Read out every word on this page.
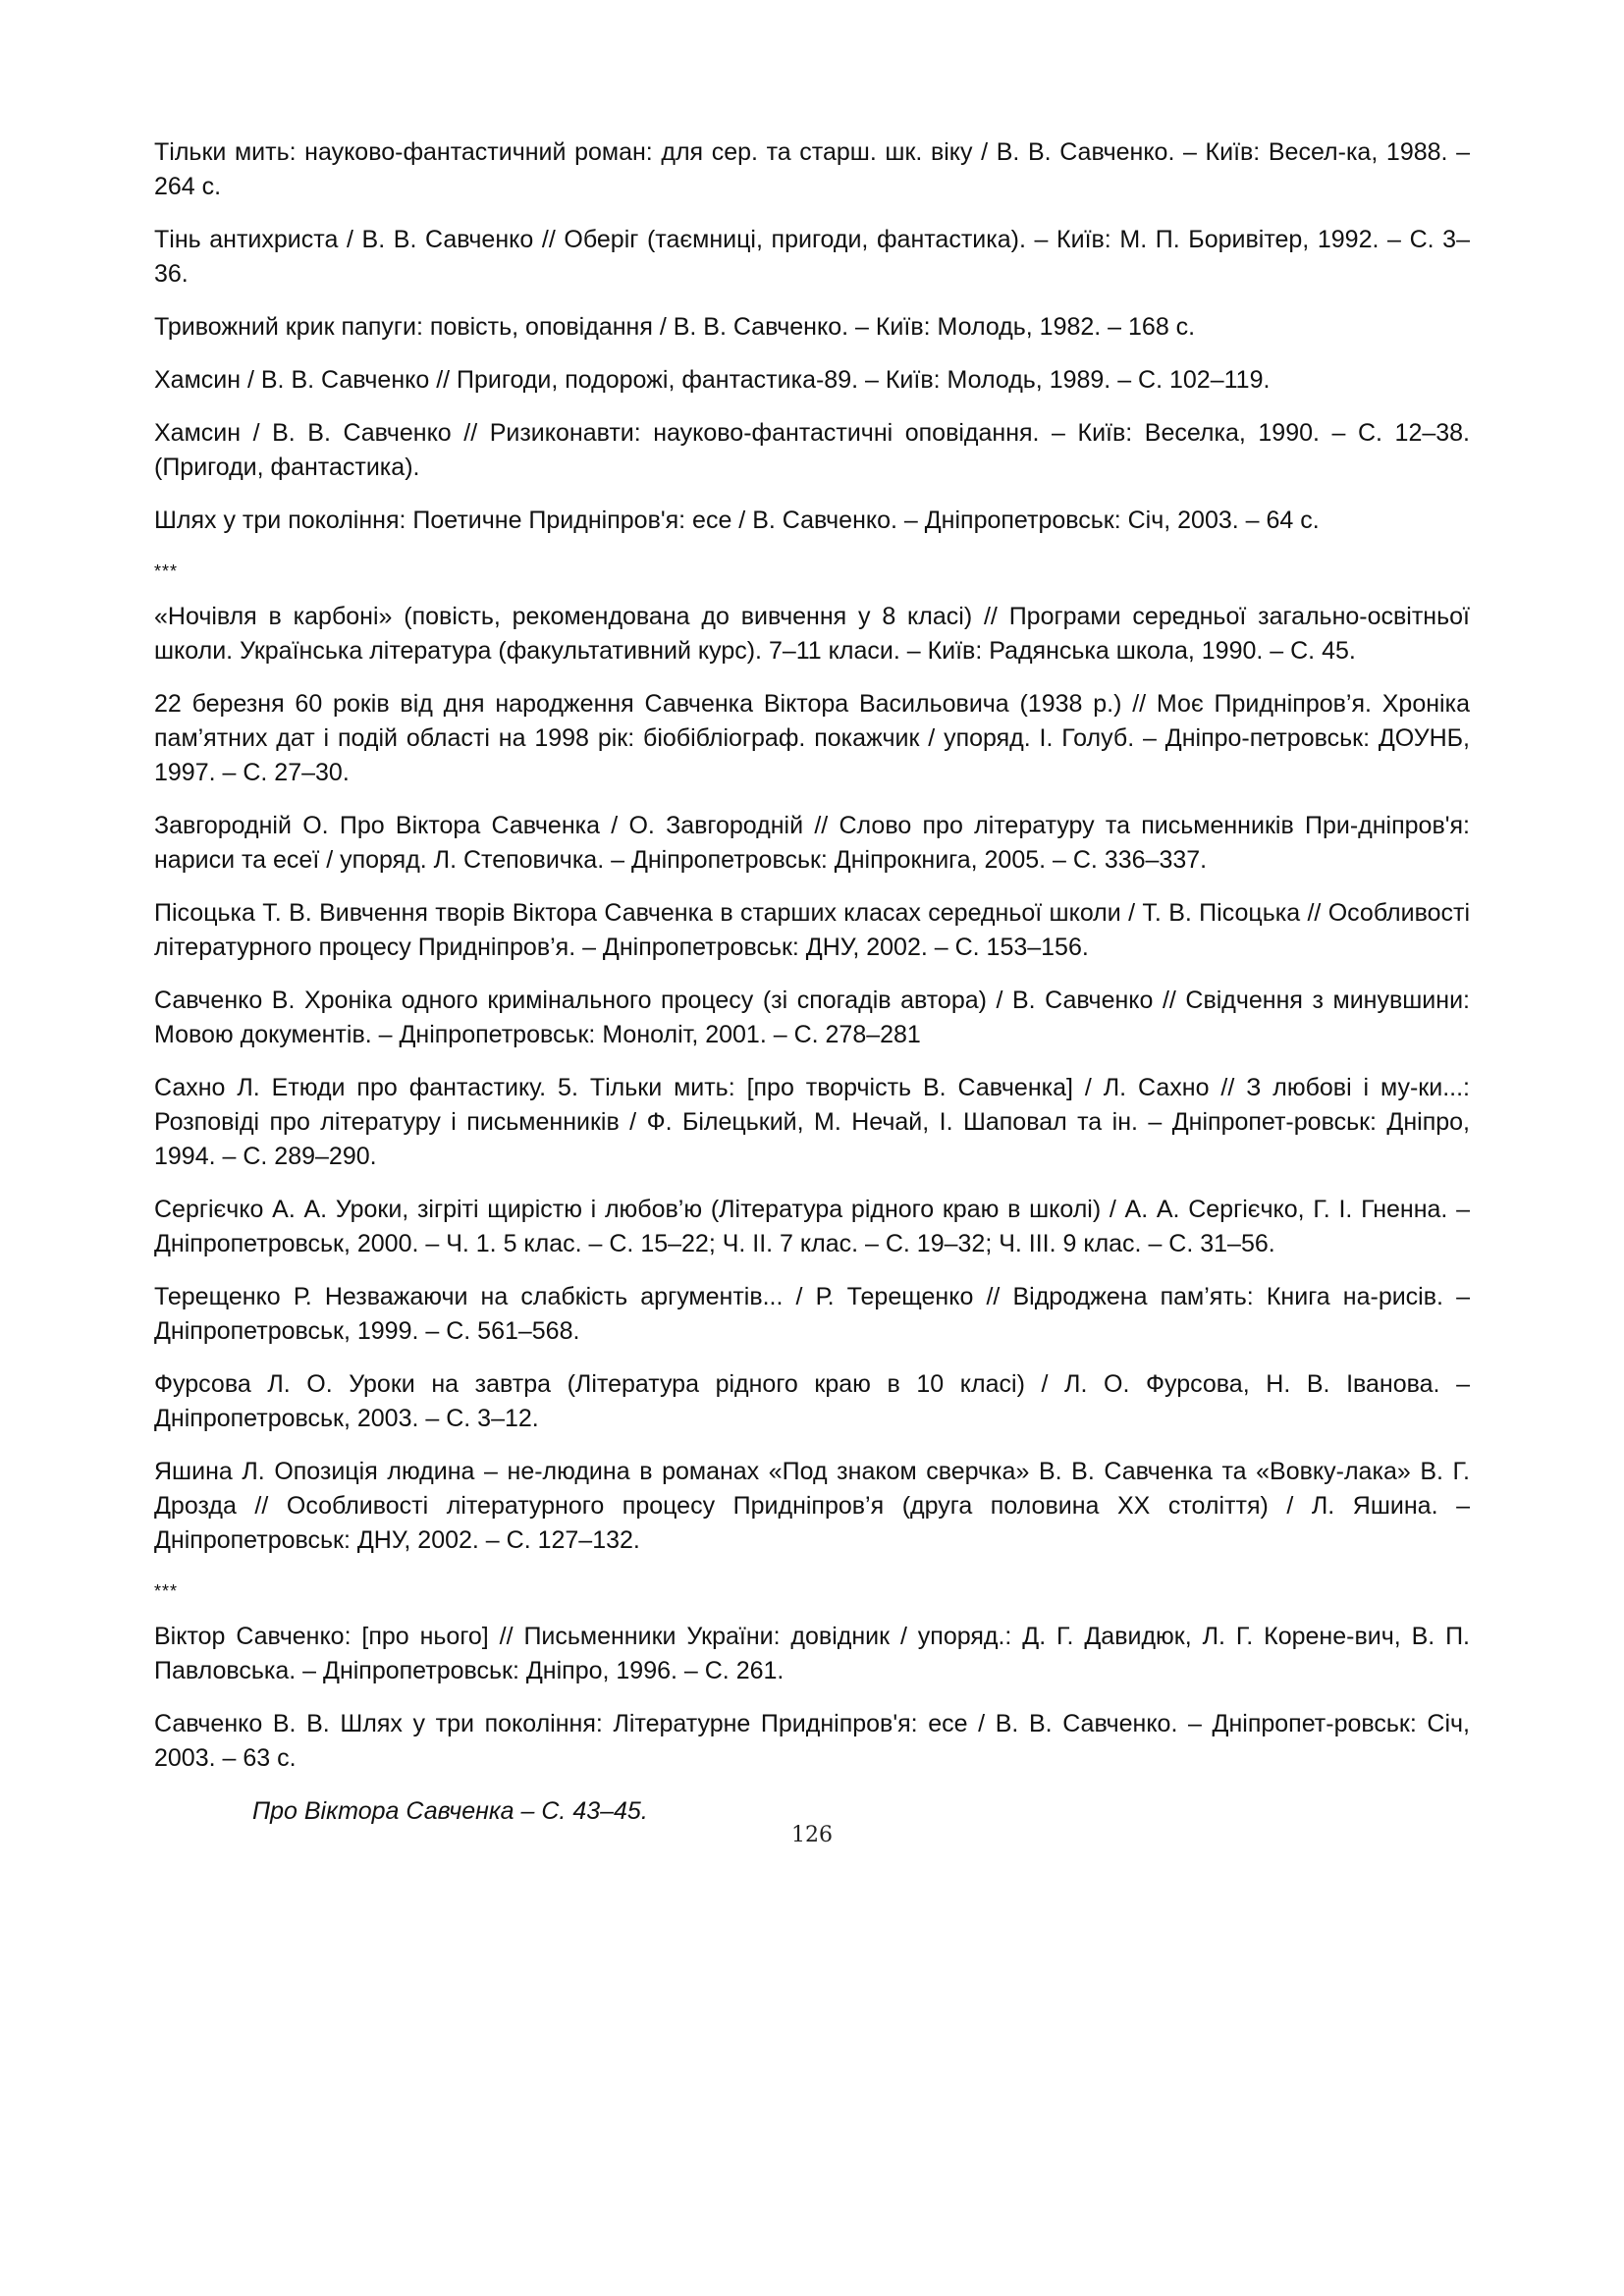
Тільки мить: науково-фантастичний роман: для сер. та старш. шк. віку / В. В. Савченко. – Київ: Весел-ка, 1988. – 264 с.

Тінь антихриста / В. В. Савченко // Оберіг (таємниці, пригоди, фантастика). – Київ: М. П. Боривітер, 1992. – С. 3–36.

Тривожний крик папуги: повість, оповідання / В. В. Савченко. – Київ: Молодь, 1982. – 168 с.

Хамсин / В. В. Савченко // Пригоди, подорожі, фантастика-89. – Київ: Молодь, 1989. – С. 102–119.

Хамсин / В. В. Савченко // Ризиконавти: науково-фантастичні оповідання. – Київ: Веселка, 1990. – С. 12–38. (Пригоди, фантастика).

Шлях у три покоління: Поетичне Придніпров'я: есе / В. Савченко. – Дніпропетровськ: Січ, 2003. – 64 с.

***

«Ночівля в карбоні» (повість, рекомендована до вивчення у 8 класі) // Програми середньої загально-освітньої школи. Українська література (факультативний курс). 7–11 класи. – Київ: Радянська школа, 1990. – С. 45.

22 березня 60 років від дня народження Савченка Віктора Васильовича (1938 р.) // Моє Придніпров’я. Хроніка пам’ятних дат і подій області на 1998 рік: біобібліограф. покажчик / упоряд. І. Голуб. – Дніпро-петровськ: ДОУНБ, 1997. – С. 27–30.

Завгородній О. Про Віктора Савченка / О. Завгородній // Слово про літературу та письменників При-дніпров'я: нариси та есеї / упоряд. Л. Степовичка. – Дніпропетровськ: Дніпрокнига, 2005. – С. 336–337.

Пісоцька Т. В. Вивчення творів Віктора Савченка в старших класах середньої школи / Т. В. Пісоцька // Особливості літературного процесу Придніпров’я. – Дніпропетровськ: ДНУ, 2002. – С. 153–156.

Савченко В. Хроніка одного кримінального процесу (зі спогадів автора) / В. Савченко // Свідчення з минувшини: Мовою документів. – Дніпропетровськ: Моноліт, 2001. – С. 278–281

Сахно Л. Етюди про фантастику. 5. Тільки мить: [про творчість В. Савченка] / Л. Сахно // З любові і му-ки...: Розповіді про літературу і письменників / Ф. Білецький, М. Нечай, І. Шаповал та ін. – Дніпропет-ровськ: Дніпро, 1994. – С. 289–290.

Сергієчко А. А. Уроки, зігріті щирістю і любов’ю (Література рідного краю в школі) / А. А. Сергієчко, Г. І. Гненна. – Дніпропетровськ, 2000. – Ч. 1. 5 клас. – С. 15–22; Ч. ІІ. 7 клас. – С. 19–32; Ч. ІІІ. 9 клас. – С. 31–56.

Терещенко Р. Незважаючи на слабкість аргументів... / Р. Терещенко // Відроджена пам’ять: Книга на-рисів. – Дніпропетровськ, 1999. – С. 561–568.

Фурсова Л. О. Уроки на завтра (Література рідного краю в 10 класі) / Л. О. Фурсова, Н. В. Іванова. – Дніпропетровськ, 2003. – С. 3–12.

Яшина Л. Опозиція людина – не-людина в романах «Под знаком сверчка» В. В. Савченка та «Вовку-лака» В. Г. Дрозда // Особливості літературного процесу Придніпров’я (друга половина ХХ століття) / Л. Яшина. – Дніпропетровськ: ДНУ, 2002. – С. 127–132.

***

Віктор Савченко: [про нього] // Письменники України: довідник / упоряд.: Д. Г. Давидюк, Л. Г. Коренe-вич, В. П. Павловська. – Дніпропетровськ: Дніпро, 1996. – С. 261.

Савченко В. В. Шлях у три покоління: Літературне Придніпров'я: есе / В. В. Савченко. – Дніпропет-ровськ: Січ, 2003. – 63 с.

Про Віктора Савченка – С. 43–45.

126
